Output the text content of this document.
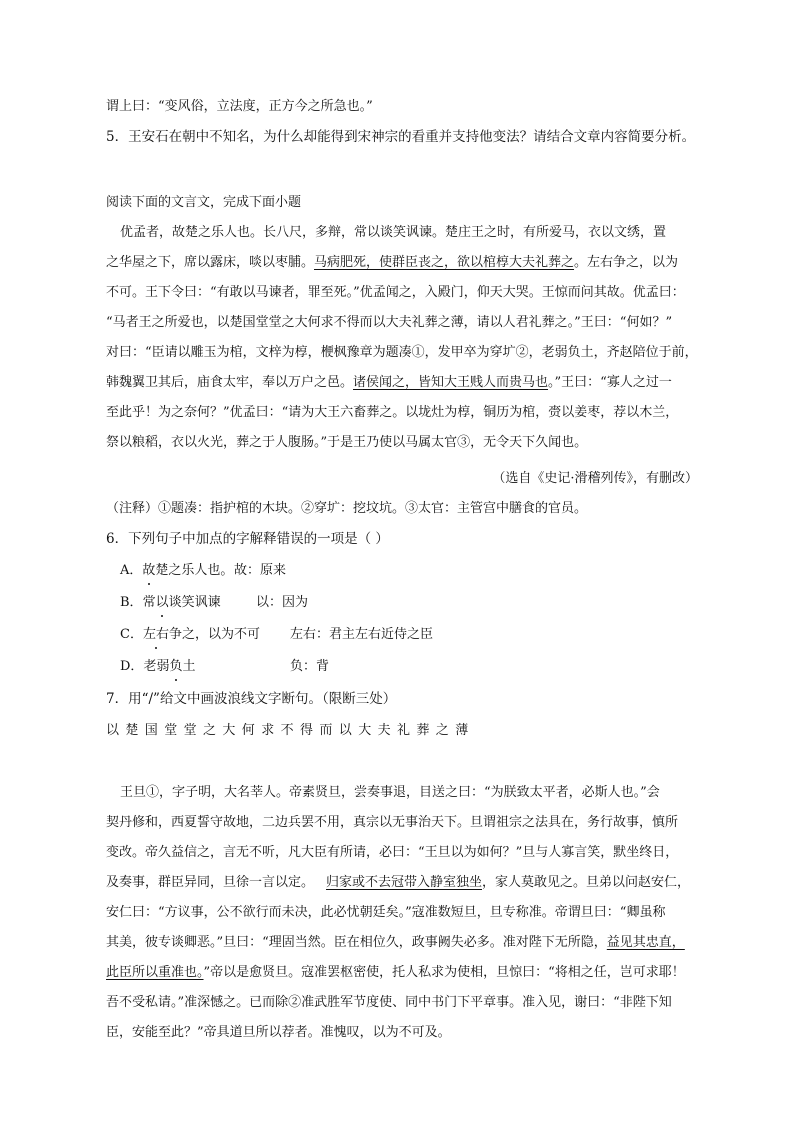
谓上曰：“变风俗，立法度，正方今之所急也。”
5．王安石在朝中不知名，为什么却能得到宋神宗的看重并支持他变法？请结合文章内容简要分析。
阅读下面的文言文，完成下面小题
优孟者，故楚之乐人也。长八尺，多辩，常以谈笑讽谏。楚庄王之时，有所爱马，衣以文绣，置
之华屋之下，席以露床，啖以枣脯。马病肥死，使群臣丧之，欲以棺椁大夫礼葬之。左右争之，以为
不可。王下令曰：“有敢以马谏者，罪至死。”优孟闻之，入殿门，仰天大哭。王惊而问其故。优孟曰：
“马者王之所爱也，以楚国堂堂之大何求不得而以大夫礼葬之薄，请以人君礼葬之。”王曰：“何如？”
对曰：“臣请以雕玉为棺，文梓为椁，楩枫豫章为题凑①，发甲卒为穿圹②，老弱负土，齐赵陪位于前，
韩魏翼卫其后，庙食太牢，奉以万户之邑。诸侯闻之，皆知大王贱人而贵马也。”王曰：“寡人之过一
至此乎！为之奈何？”优孟曰：“请为大王六畜葬之。以垅灶为椁，铜历为棺，赍以姜枣，荐以木兰，
祭以粮稻，衣以火光，葬之于人腹肠。”于是王乃使以马属太官③，无令天下久闻也。
（选自《史记·滑稽列传》，有删改）
（注释）①题凑：指护棺的木块。②穿圹：挖坟坑。③太官：主管宫中膳食的官员。
6．下列句子中加点的字解释错误的一项是（ ）
A．故楚之乐人也。 故：原来
B．常以谈笑讽谏	以：因为
C．左右争之，以为不可 左右：君主左右近侍之臣
D．老弱负土	负：背
7．用“/”给文中画波浪线文字断句。（限断三处）
以楚国堂堂之大何求不得而以大夫礼葬之薄
王旦①，字子明，大名莘人。帝素贤旦，尝奏事退，目送之曰：“为朕致太平者，必斯人也。”会
契丹修和，西夏誓守故地，二边兵罢不用，真宗以无事治天下。旦谓祖宗之法具在，务行故事，慎所
变改。帝久益信之，言无不听，凡大臣有所请，必曰：“王旦以为如何？”旦与人寡言笑，默坐终日，
及奏事，群臣异同，旦徐一言以定。 归家或不去冠带入静室独坐，家人莫敢见之。旦弟以问赵安仁，
安仁曰：“方议事，公不欲行而未决，此必忧朝廷矣。”寇准数短旦，旦专称准。帝谓旦曰：“卿虽称
其美，彼专谈卿恶。”旦曰：“理固当然。臣在相位久，政事阙失必多。准对陛下无所隐，益见其忠直，
此臣所以重准也。”帝以是愈贤旦。寇准罢枢密使，托人私求为使相，旦惊曰：“将相之任，岂可求耶！
吾不受私请。”准深憾之。已而除②准武胜军节度使、同中书门下平章事。准入见，谢曰：“非陛下知
臣，安能至此？”帝具道旦所以荐者。准愧叹，以为不可及。
